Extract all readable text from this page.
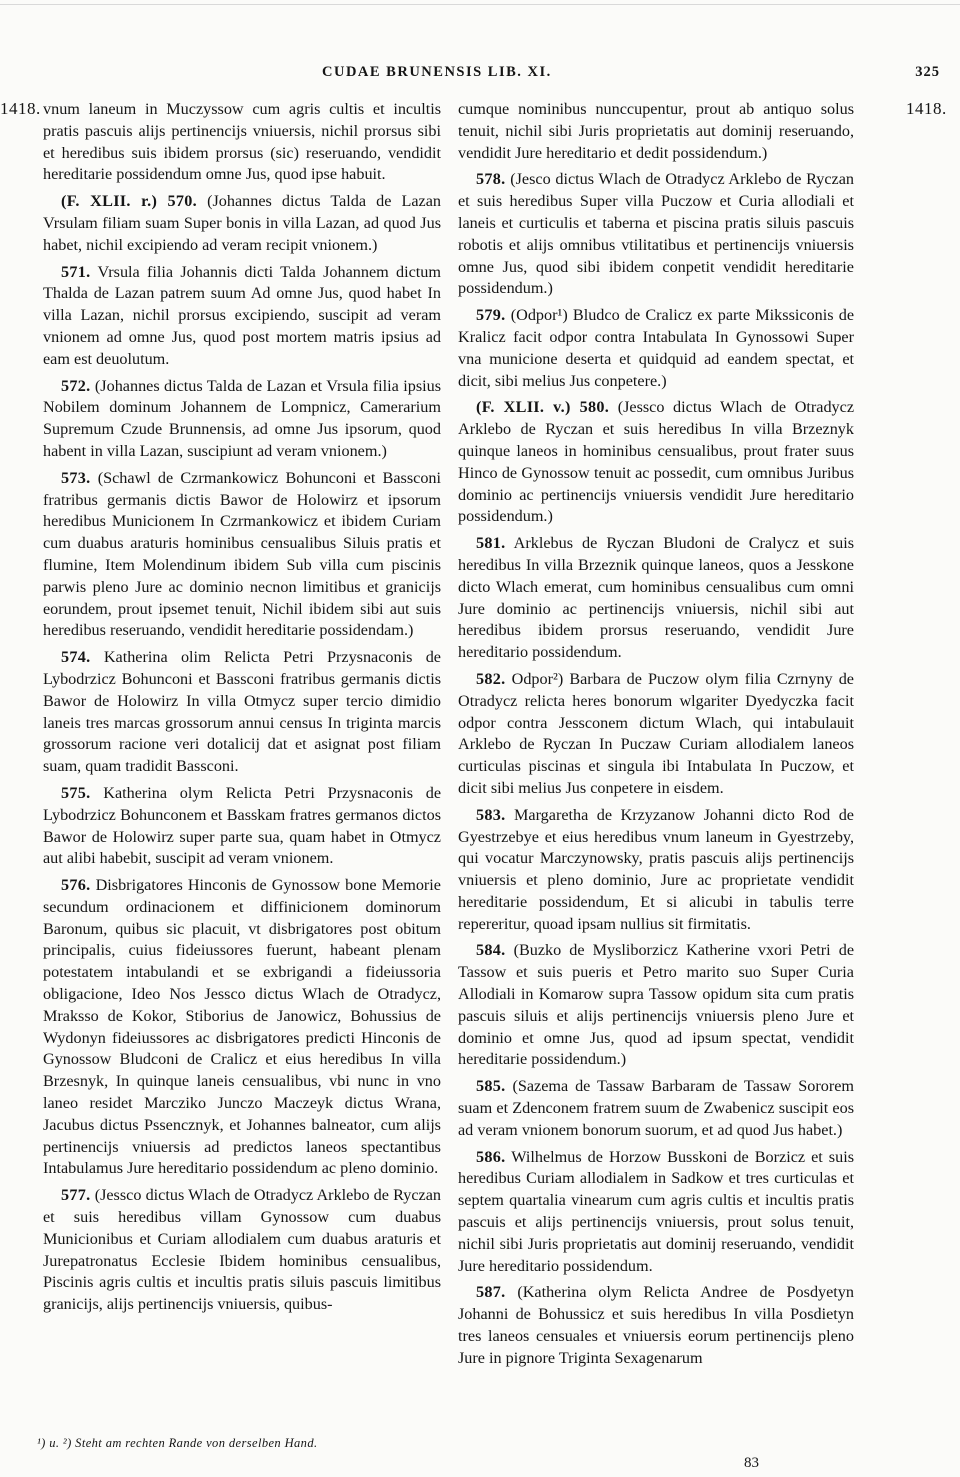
CUDAE BRUNENSIS LIB. XI.	325
1418.	1418.

vnum laneum in Muczyssow cum agris cultis et incultis pratis pascuis alijs pertinencijs vniuersis, nichil prorsus sibi et heredibus suis ibidem prorsus (sic) reseruando, vendidit hereditarie possidendum omne Jus, quod ipse habuit.

(F. XLII. r.) 570. (Johannes dictus Talda de Lazan Vrsulam filiam suam Super bonis in villa Lazan, ad quod Jus habet, nichil excipiendo ad veram recipit vnionem.)

571. Vrsula filia Johannis dicti Talda Johannem dictum Thalda de Lazan patrem suum Ad omne Jus, quod habet In villa Lazan, nichil prorsus excipiendo, suscipit ad veram vnionem ad omne Jus, quod post mortem matris ipsius ad eam est deuolutum.

572. (Johannes dictus Talda de Lazan et Vrsula filia ipsius Nobilem dominum Johannem de Lompnicz, Camerarium Supremum Czude Brunnensis, ad omne Jus ipsorum, quod habent in villa Lazan, suscipiunt ad veram vnionem.)

573. (Schawl de Czrmankowicz Bohunconi et Bassconi fratribus germanis dictis Bawor de Holowirz et ipsorum heredibus Municionem In Czrmankowicz et ibidem Curiam cum duabus araturis hominibus censualibus Siluis pratis et flumine, Item Molendinum ibidem Sub villa cum piscinis parwis pleno Jure ac dominio necnon limitibus et granicijs eorundem, prout ipsemet tenuit, Nichil ibidem sibi aut suis heredibus reseruando, vendidit hereditarie possidendam.)

574. Katherina olim Relicta Petri Przysnaconis de Lybodrzicz Bohunconi et Bassconi fratribus germanis dictis Bawor de Holowirz In villa Otmycz super tercio dimidio laneis tres marcas grossorum annui census In triginta marcis grossorum racione veri dotalicij dat et asignat post filiam suam, quam tradidit Bassconi.

575. Katherina olym Relicta Petri Przysnaconis de Lybodrzicz Bohunconem et Basskam fratres germanos dictos Bawor de Holowirz super parte sua, quam habet in Otmycz aut alibi habebit, suscipit ad veram vnionem.

576. Disbrigatores Hinconis de Gynossow bone Memorie secundum ordinacionem et diffinicionem dominorum Baronum, quibus sic placuit, vt disbrigatores post obitum principalis, cuius fideiussores fuerunt, habeant plenam potestatem intabulandi et se exbrigandi a fideiussoria obligacione, Ideo Nos Jessco dictus Wlach de Otradycz, Mraksso de Kokor, Stiborius de Janowicz, Bohussius de Wydonyn fideiussores ac disbrigatores predicti Hinconis de Gynossow Bludconi de Cralicz et eius heredibus In villa Brzesnyk, In quinque laneis censualibus, vbi nunc in vno laneo residet Marcziko Junczo Maczeyk dictus Wrana, Jacubus dictus Pssencznyk, et Johannes balneator, cum alijs pertinencijs vniuersis ad predictos laneos spectantibus Intabulamus Jure hereditario possidendum ac pleno dominio.

577. (Jessco dictus Wlach de Otradycz Arklebo de Ryczan et suis heredibus villam Gynossow cum duabus Municionibus et Curiam allodialem cum duabus araturis et Jurepatronatus Ecclesie Ibidem hominibus censualibus, Piscinis agris cultis et incultis pratis siluis pascuis limitibus granicijs, alijs pertinencijs vniuersis, quibus-

cumque nominibus nunccupentur, prout ab antiquo solus tenuit, nichil sibi Juris proprietatis aut dominij reseruando, vendidit Jure hereditario et dedit possidendum.)

578. (Jesco dictus Wlach de Otradycz Arklebo de Ryczan et suis heredibus Super villa Puczow et Curia allodiali et laneis et curticulis et taberna et piscina pratis siluis pascuis robotis et alijs omnibus vtilitatibus et pertinencijs vniuersis omne Jus, quod sibi ibidem conpetit vendidit hereditarie possidendum.)

579. (Odpor¹) Bludco de Cralicz ex parte Mikssiconis de Kralicz facit odpor contra Intabulata In Gynossowi Super vna municione deserta et quidquid ad eandem spectat, et dicit, sibi melius Jus conpetere.)

(F. XLII. v.) 580. (Jessco dictus Wlach de Otradycz Arklebo de Ryczan et suis heredibus In villa Brzeznyk quinque laneos in hominibus censualibus, prout frater suus Hinco de Gynossow tenuit ac possedit, cum omnibus Juribus dominio ac pertinencijs vniuersis vendidit Jure hereditario possidendum.)

581. Arklebus de Ryczan Bludoni de Cralycz et suis heredibus In villa Brzeznik quinque laneos, quos a Jesskone dicto Wlach emerat, cum hominibus censualibus cum omni Jure dominio ac pertinencijs vniuersis, nichil sibi aut heredibus ibidem prorsus reseruando, vendidit Jure hereditario possidendum.

582. Odpor²) Barbara de Puczow olym filia Czrnyny de Otradycz relicta heres bonorum wlgariter Dyedyczka facit odpor contra Jessconem dictum Wlach, qui intabulauit Arklebo de Ryczan In Puczaw Curiam allodialem laneos curticulas piscinas et singula ibi Intabulata In Puczow, et dicit sibi melius Jus conpetere in eisdem.

583. Margaretha de Krzyzanow Johanni dicto Rod de Gyestrzebye et eius heredibus vnum laneum in Gyestrzeby, qui vocatur Marczynowsky, pratis pascuis alijs pertinencijs vniuersis et pleno dominio, Jure ac proprietate vendidit hereditarie possidendum, Et si alicubi in tabulis terre repereritur, quoad ipsam nullius sit firmitatis.

584. (Buzko de Mysliborzicz Katherine vxori Petri de Tassow et suis pueris et Petro marito suo Super Curia Allodiali in Komarow supra Tassow opidum sita cum pratis pascuis siluis et alijs pertinencijs vniuersis pleno Jure et dominio et omne Jus, quod ad ipsum spectat, vendidit hereditarie possidendum.)

585. (Sazema de Tassaw Barbaram de Tassaw Sororem suam et Zdenconem fratrem suum de Zwabenicz suscipit eos ad veram vnionem bonorum suorum, et ad quod Jus habet.)

586. Wilhelmus de Horzow Busskoni de Borzicz et suis heredibus Curiam allodialem in Sadkow et tres curticulas et septem quartalia vinearum cum agris cultis et incultis pratis pascuis et alijs pertinencijs vniuersis, prout solus tenuit, nichil sibi Juris proprietatis aut dominij reseruando, vendidit Jure hereditario possidendum.

587. (Katherina olym Relicta Andree de Posdyetyn Johanni de Bohussicz et suis heredibus In villa Posdietyn tres laneos censuales et vniuersis eorum pertinencijs pleno Jure in pignore Triginta Sexagenarum

¹) u. ²) Steht am rechten Rande von derselben Hand.
83
